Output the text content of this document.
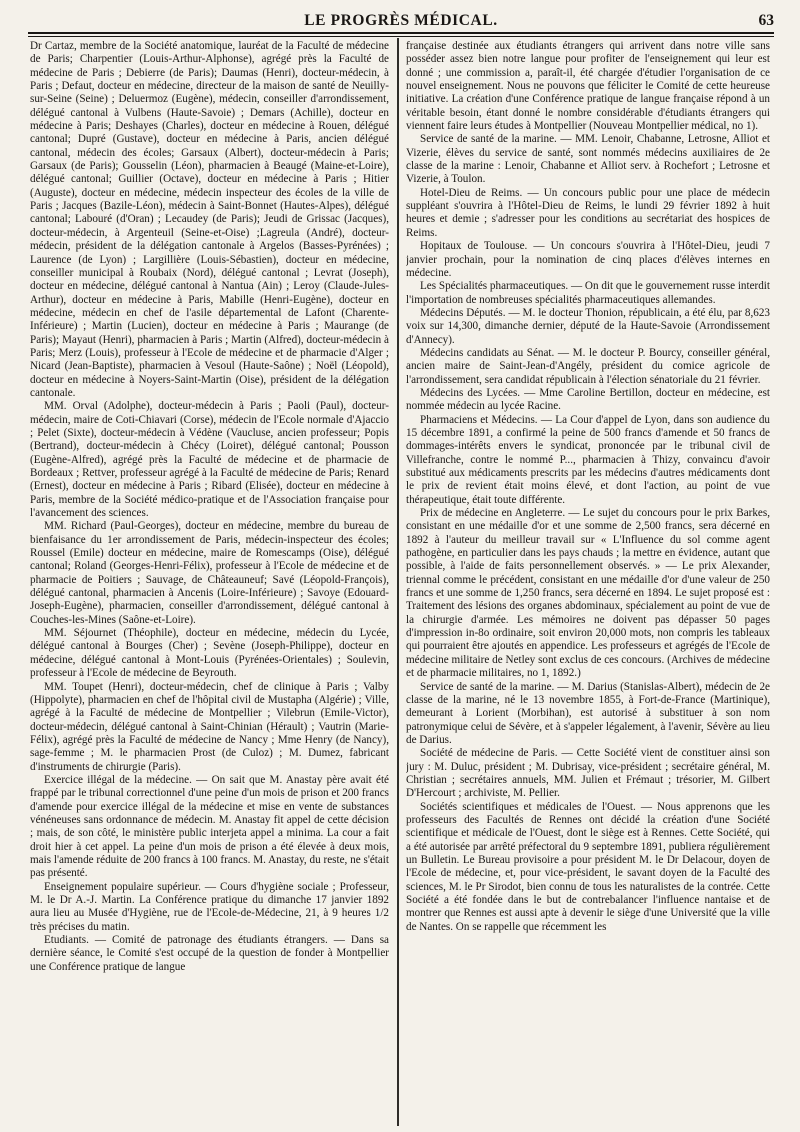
LE PROGRÈS MÉDICAL.	63

Dr Cartaz, membre de la Société anatomique, lauréat de la Faculté de médecine de Paris; Charpentier (Louis-Arthur-Alphonse), agrégé près la Faculté de médecine de Paris ; Debierre (de Paris); Daumas (Henri), docteur-médecin, à Paris ; Defaut, docteur en médecine, directeur de la maison de santé de Neuilly-sur-Seine (Seine) ; Deluermoz (Eugène), médecin, conseiller d'arrondissement, délégué cantonal à Vulbens (Haute-Savoie) ; Demars (Achille), docteur en médecine à Paris; Deshayes (Charles), docteur en médecine à Rouen, délégué cantonal; Dupré (Gustave), docteur en médecine à Paris, ancien délégué cantonal, médecin des écoles; Garsaux (Albert), docteur-médecin à Paris; Garsaux (de Paris); Gousselin (Léon), pharmacien à Beaugé (Maine-et-Loire), délégué cantonal; Guillier (Octave), docteur en médecine à Paris ; Hitier (Auguste), docteur en médecine, médecin inspecteur des écoles de la ville de Paris ; Jacques (Bazile-Léon), médecin à Saint-Bonnet (Hautes-Alpes), délégué cantonal; Labouré (d'Oran) ; Lecaudey (de Paris); Jeudi de Grissac (Jacques), docteur-médecin, à Argenteuil (Seine-et-Oise) ;Lagreula (André), docteur-médecin, président de la délégation cantonale à Argelos (Basses-Pyrénées) ; Laurence (de Lyon) ; Largillière (Louis-Sébastien), docteur en médecine, conseiller municipal à Roubaix (Nord), délégué cantonal ; Levrat (Joseph), docteur en médecine, délégué cantonal à Nantua (Ain) ; Leroy (Claude-Jules-Arthur), docteur en médecine à Paris, Mabille (Henri-Eugène), docteur en médecine, médecin en chef de l'asile départemental de Lafont (Charente-Inférieure) ; Martin (Lucien), docteur en médecine à Paris ; Maurange (de Paris); Mayaut (Henri), pharmacien à Paris ; Martin (Alfred), docteur-médecin à Paris; Merz (Louis), professeur à l'Ecole de médecine et de pharmacie d'Alger ; Nicard (Jean-Baptiste), pharmacien à Vesoul (Haute-Saône) ; Noël (Léopold), docteur en médecine à Noyers-Saint-Martin (Oise), président de la délégation cantonale.

MM. Orval (Adolphe), docteur-médecin à Paris ; Paoli (Paul), docteur-médecin, maire de Coti-Chiavari (Corse), médecin de l'Ecole normale d'Ajaccio ; Pelet (Sixte), docteur-médecin à Védène (Vaucluse, ancien professeur; Popis (Bertrand), docteur-médecin à Chécy (Loiret), délégué cantonal; Pousson (Eugène-Alfred), agrégé près la Faculté de médecine et de pharmacie de Bordeaux ; Rettver, professeur agrégé à la Faculté de médecine de Paris; Renard (Ernest), docteur en médecine à Paris ; Ribard (Elisée), docteur en médecine à Paris, membre de la Société médico-pratique et de l'Association française pour l'avancement des sciences.

MM. Richard (Paul-Georges), docteur en médecine, membre du bureau de bienfaisance du 1er arrondissement de Paris, médecin-inspecteur des écoles; Roussel (Emile) docteur en médecine, maire de Romescamps (Oise), délégué cantonal; Roland (Georges-Henri-Félix), professeur à l'Ecole de médecine et de pharmacie de Poitiers ; Sauvage, de Châteauneuf; Savé (Léopold-François), délégué cantonal, pharmacien à Ancenis (Loire-Inférieure) ; Savoye (Edouard-Joseph-Eugène), pharmacien, conseiller d'arrondissement, délégué cantonal à Couches-les-Mines (Saône-et-Loire).

MM. Séjournet (Théophile), docteur en médecine, médecin du Lycée, délégué cantonal à Bourges (Cher) ; Sevène (Joseph-Philippe), docteur en médecine, délégué cantonal à Mont-Louis (Pyrénées-Orientales) ; Soulevin, professeur à l'Ecole de médecine de Beyrouth.

MM. Toupet (Henri), docteur-médecin, chef de clinique à Paris ; Valby (Hippolyte), pharmacien en chef de l'hôpital civil de Mustapha (Algérie) ; Ville, agrégé à la Faculté de médecine de Montpellier ; Vilebrun (Emile-Victor), docteur-médecin, délégué cantonal à Saint-Chinian (Hérault) ; Vautrin (Marie-Félix), agrégé près la Faculté de médecine de Nancy ; Mme Henry (de Nancy), sage-femme ; M. le pharmacien Prost (de Culoz) ; M. Dumez, fabricant d'instruments de chirurgie (Paris).

Exercice illégal de la médecine. — On sait que M. Anastay père avait été frappé par le tribunal correctionnel d'une peine d'un mois de prison et 200 francs d'amende pour exercice illégal de la médecine et mise en vente de substances vénéneuses sans ordonnance de médecin. M. Anastay fit appel de cette décision ; mais, de son côté, le ministère public interjeta appel a minima. La cour a fait droit hier à cet appel. La peine d'un mois de prison a été élevée à deux mois, mais l'amende réduite de 200 francs à 100 francs. M. Anastay, du reste, ne s'était pas présenté.

Enseignement populaire supérieur. — Cours d'hygiène sociale ; Professeur, M. le Dr A.-J. Martin. La Conférence pratique du dimanche 17 janvier 1892 aura lieu au Musée d'Hygiène, rue de l'Ecole-de-Médecine, 21, à 9 heures 1/2 très précises du matin.

Etudiants. — Comité de patronage des étudiants étrangers. — Dans sa dernière séance, le Comité s'est occupé de la question de fonder à Montpellier une Conférence pratique de langue

française destinée aux étudiants étrangers qui arrivent dans notre ville sans posséder assez bien notre langue pour profiter de l'enseignement qui leur est donné ; une commission a, paraît-il, été chargée d'étudier l'organisation de ce nouvel enseignement. Nous ne pouvons que féliciter le Comité de cette heureuse initiative. La création d'une Conférence pratique de langue française répond à un véritable besoin, étant donné le nombre considérable d'étudiants étrangers qui viennent faire leurs études à Montpellier (Nouveau Montpellier médical, no 1).

Service de santé de la marine. — MM. Lenoir, Chabanne, Letrosne, Alliot et Vizerie, élèves du service de santé, sont nommés médecins auxiliaires de 2e classe de la marine : Lenoir, Chabanne et Alliot serv. à Rochefort ; Letrosne et Vizerie, à Toulon.

Hotel-Dieu de Reims. — Un concours public pour une place de médecin suppléant s'ouvrira à l'Hôtel-Dieu de Reims, le lundi 29 février 1892 à huit heures et demie ; s'adresser pour les conditions au secrétariat des hospices de Reims.

Hopitaux de Toulouse. — Un concours s'ouvrira à l'Hôtel-Dieu, jeudi 7 janvier prochain, pour la nomination de cinq places d'élèves internes en médecine.

Les Spécialités pharmaceutiques. — On dit que le gouvernement russe interdit l'importation de nombreuses spécialités pharmaceutiques allemandes.

Médecins Députés. — M. le docteur Thonion, républicain, a été élu, par 8,623 voix sur 14,300, dimanche dernier, député de la Haute-Savoie (Arrondissement d'Annecy).

Médecins candidats au Sénat. — M. le docteur P. Bourcy, conseiller général, ancien maire de Saint-Jean-d'Angély, président du comice agricole de l'arrondissement, sera candidat républicain à l'élection sénatoriale du 21 février.

Médecins des Lycées. — Mme Caroline Bertillon, docteur en médecine, est nommée médecin au lycée Racine.

Pharmaciens et Médecins. — La Cour d'appel de Lyon, dans son audience du 15 décembre 1891, a confirmé la peine de 500 francs d'amende et 50 francs de dommages-intérêts envers le syndicat, prononcée par le tribunal civil de Villefranche, contre le nommé P..., pharmacien à Thizy, convaincu d'avoir substitué aux médicaments prescrits par les médecins d'autres médicaments dont le prix de revient était moins élevé, et dont l'action, au point de vue thérapeutique, était toute différente.

Prix de médecine en Angleterre. — Le sujet du concours pour le prix Barkes, consistant en une médaille d'or et une somme de 2,500 francs, sera décerné en 1892 à l'auteur du meilleur travail sur « L'Influence du sol comme agent pathogène, en particulier dans les pays chauds ; la mettre en évidence, autant que possible, à l'aide de faits personnellement observés. » — Le prix Alexander, triennal comme le précédent, consistant en une médaille d'or d'une valeur de 250 francs et une somme de 1,250 francs, sera décerné en 1894. Le sujet proposé est : Traitement des lésions des organes abdominaux, spécialement au point de vue de la chirurgie d'armée. Les mémoires ne doivent pas dépasser 50 pages d'impression in-8o ordinaire, soit environ 20,000 mots, non compris les tableaux qui pourraient être ajoutés en appendice. Les professeurs et agrégés de l'Ecole de médecine militaire de Netley sont exclus de ces concours. (Archives de médecine et de pharmacie militaires, no 1, 1892.)

Service de santé de la marine. — M. Darius (Stanislas-Albert), médecin de 2e classe de la marine, né le 13 novembre 1855, à Fort-de-France (Martinique), demeurant à Lorient (Morbihan), est autorisé à substituer à son nom patronymique celui de Sévère, et à s'appeler légalement, à l'avenir, Sévère au lieu de Darius.

Société de médecine de Paris. — Cette Société vient de constituer ainsi son jury : M. Duluc, président ; M. Dubrisay, vice-président ; secrétaire général, M. Christian ; secrétaires annuels, MM. Julien et Frémaut ; trésorier, M. Gilbert D'Hercourt ; archiviste, M. Pellier.

Sociétés scientifiques et médicales de l'Ouest. — Nous apprenons que les professeurs des Facultés de Rennes ont décidé la création d'une Société scientifique et médicale de l'Ouest, dont le siège est à Rennes. Cette Société, qui a été autorisée par arrêté préfectoral du 9 septembre 1891, publiera régulièrement un Bulletin. Le Bureau provisoire a pour président M. le Dr Delacour, doyen de l'Ecole de médecine, et, pour vice-président, le savant doyen de la Faculté des sciences, M. le Pr Sirodot, bien connu de tous les naturalistes de la contrée. Cette Société a été fondée dans le but de contrebalancer l'influence nantaise et de montrer que Rennes est aussi apte à devenir le siège d'une Université que la ville de Nantes. On se rappelle que récemment les
